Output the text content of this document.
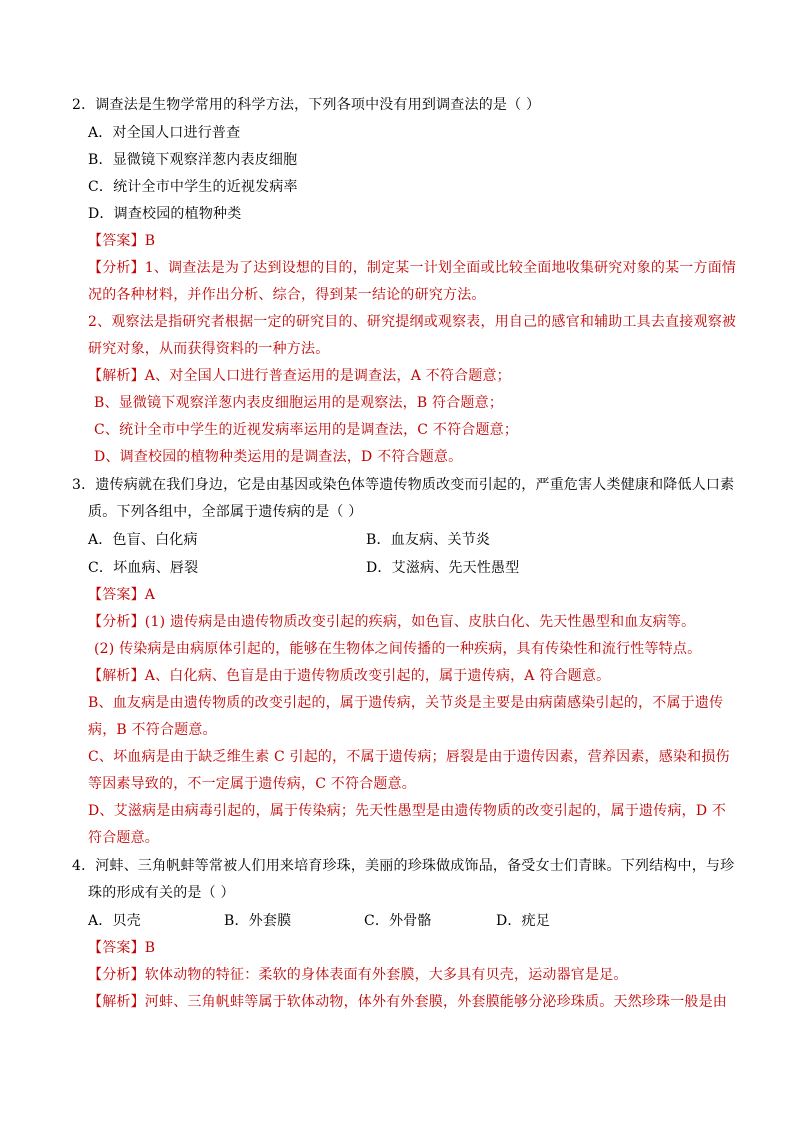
2．调查法是生物学常用的科学方法，下列各项中没有用到调查法的是（ ）
A．对全国人口进行普查
B．显微镜下观察洋葱内表皮细胞
C．统计全市中学生的近视发病率
D．调查校园的植物种类
【答案】B
【分析】1、调查法是为了达到设想的目的，制定某一计划全面或比较全面地收集研究对象的某一方面情
况的各种材料，并作出分析、综合，得到某一结论的研究方法。
2、观察法是指研究者根据一定的研究目的、研究提纲或观察表，用自己的感官和辅助工具去直接观察被
研究对象，从而获得资料的一种方法。
【解析】A、对全国人口进行普查运用的是调查法，A 不符合题意；
B、显微镜下观察洋葱内表皮细胞运用的是观察法，B 符合题意；
C、统计全市中学生的近视发病率运用的是调查法，C 不符合题意；
D、调查校园的植物种类运用的是调查法，D 不符合题意。
3．遗传病就在我们身边，它是由基因或染色体等遗传物质改变而引起的，严重危害人类健康和降低人口素
质。下列各组中，全部属于遗传病的是（ ）
A．色盲、白化病	B．血友病、关节炎
C．坏血病、唇裂	D．艾滋病、先天性愚型
【答案】A
【分析】(1) 遗传病是由遗传物质改变引起的疾病，如色盲、皮肤白化、先天性愚型和血友病等。
(2) 传染病是由病原体引起的，能够在生物体之间传播的一种疾病，具有传染性和流行性等特点。
【解析】A、白化病、色盲是由于遗传物质改变引起的，属于遗传病，A 符合题意。
B、血友病是由遗传物质的改变引起的，属于遗传病，关节炎是主要是由病菌感染引起的，不属于遗传
病，B 不符合题意。
C、坏血病是由于缺乏维生素 C 引起的，不属于遗传病；唇裂是由于遗传因素，营养因素，感染和损伤
等因素导致的，不一定属于遗传病，C 不符合题意。
D、艾滋病是由病毒引起的，属于传染病；先天性愚型是由遗传物质的改变引起的，属于遗传病，D 不
符合题意。
4．河蚌、三角帆蚌等常被人们用来培育珍珠，美丽的珍珠做成饰品，备受女士们青睐。下列结构中，与珍
珠的形成有关的是（ ）
A．贝壳	B．外套膜	C．外骨骼	D．疣足
【答案】B
【分析】软体动物的特征：柔软的身体表面有外套膜，大多具有贝壳，运动器官是足。
【解析】河蚌、三角帆蚌等属于软体动物，体外有外套膜，外套膜能够分泌珍珠质。天然珍珠一般是由
